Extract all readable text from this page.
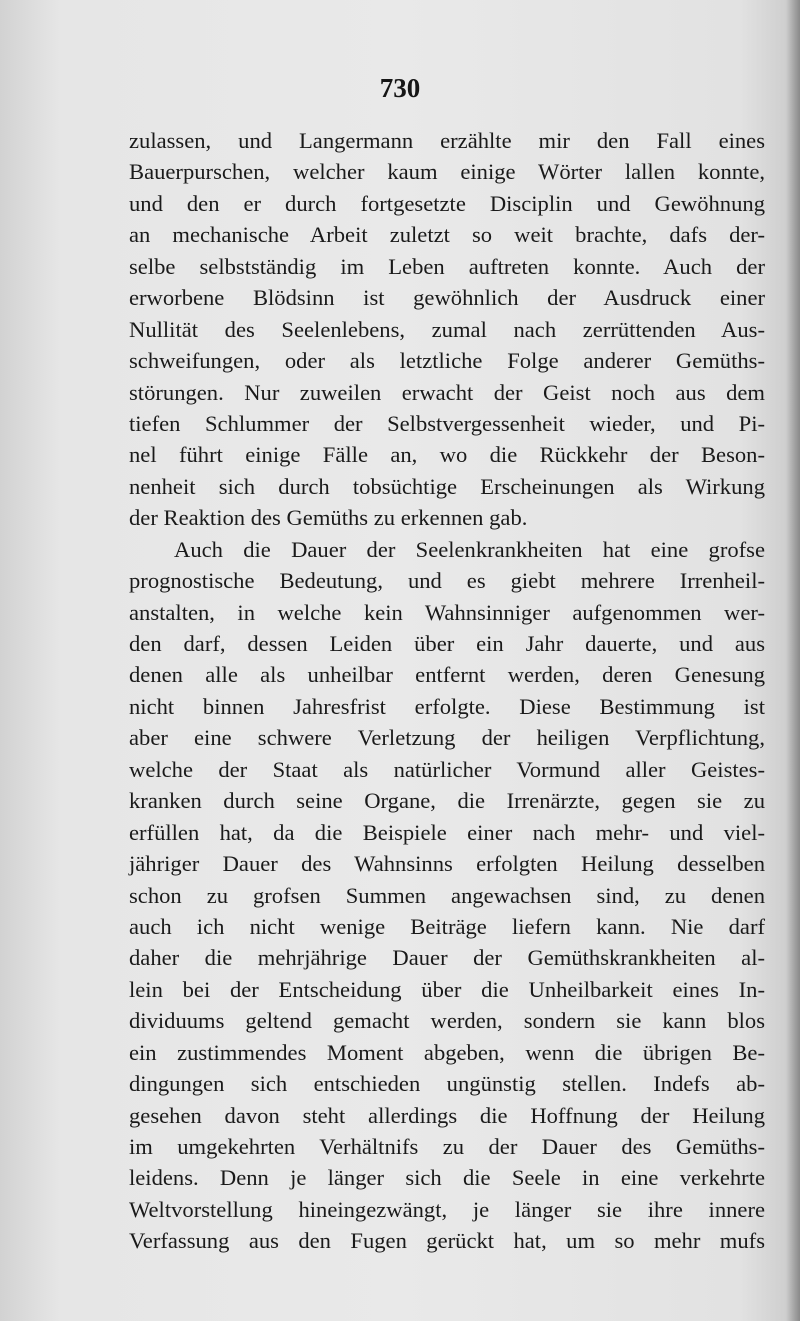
730
zulassen, und Langermann erzählte mir den Fall eines
Bauerpurschen, welcher kaum einige Wörter lallen konnte,
und den er durch fortgesetzte Disciplin und Gewöhnung
an mechanische Arbeit zuletzt so weit brachte, dafs der-
selbe selbstständig im Leben auftreten konnte. Auch der
erworbene Blödsinn ist gewöhnlich der Ausdruck einer
Nullität des Seelenlebens, zumal nach zerrüttenden Aus-
schweifungen, oder als letztliche Folge anderer Gemüths-
störungen. Nur zuweilen erwacht der Geist noch aus dem
tiefen Schlummer der Selbstvergessenheit wieder, und Pi-
nel führt einige Fälle an, wo die Rückkehr der Beson-
nenheit sich durch tobsüchtige Erscheinungen als Wirkung
der Reaktion des Gemüths zu erkennen gab.
Auch die Dauer der Seelenkrankheiten hat eine grofse
prognostische Bedeutung, und es giebt mehrere Irrenheil-
anstalten, in welche kein Wahnsinniger aufgenommen wer-
den darf, dessen Leiden über ein Jahr dauerte, und aus
denen alle als unheilbar entfernt werden, deren Genesung
nicht binnen Jahresfrist erfolgte. Diese Bestimmung ist
aber eine schwere Verletzung der heiligen Verpflichtung,
welche der Staat als natürlicher Vormund aller Geistes-
kranken durch seine Organe, die Irrenärzte, gegen sie zu
erfüllen hat, da die Beispiele einer nach mehr- und viel-
jähriger Dauer des Wahnsinns erfolgten Heilung desselben
schon zu grofsen Summen angewachsen sind, zu denen
auch ich nicht wenige Beiträge liefern kann. Nie darf
daher die mehrjährige Dauer der Gemüthskrankheiten al-
lein bei der Entscheidung über die Unheilbarkeit eines In-
dividuums geltend gemacht werden, sondern sie kann blos
ein zustimmendes Moment abgeben, wenn die übrigen Be-
dingungen sich entschieden ungünstig stellen. Indefs ab-
gesehen davon steht allerdings die Hoffnung der Heilung
im umgekehrten Verhältnifs zu der Dauer des Gemüths-
leidens. Denn je länger sich die Seele in eine verkehrte
Weltvorstellung hineingezwängt, je länger sie ihre innere
Verfassung aus den Fugen gerückt hat, um so mehr mufs
